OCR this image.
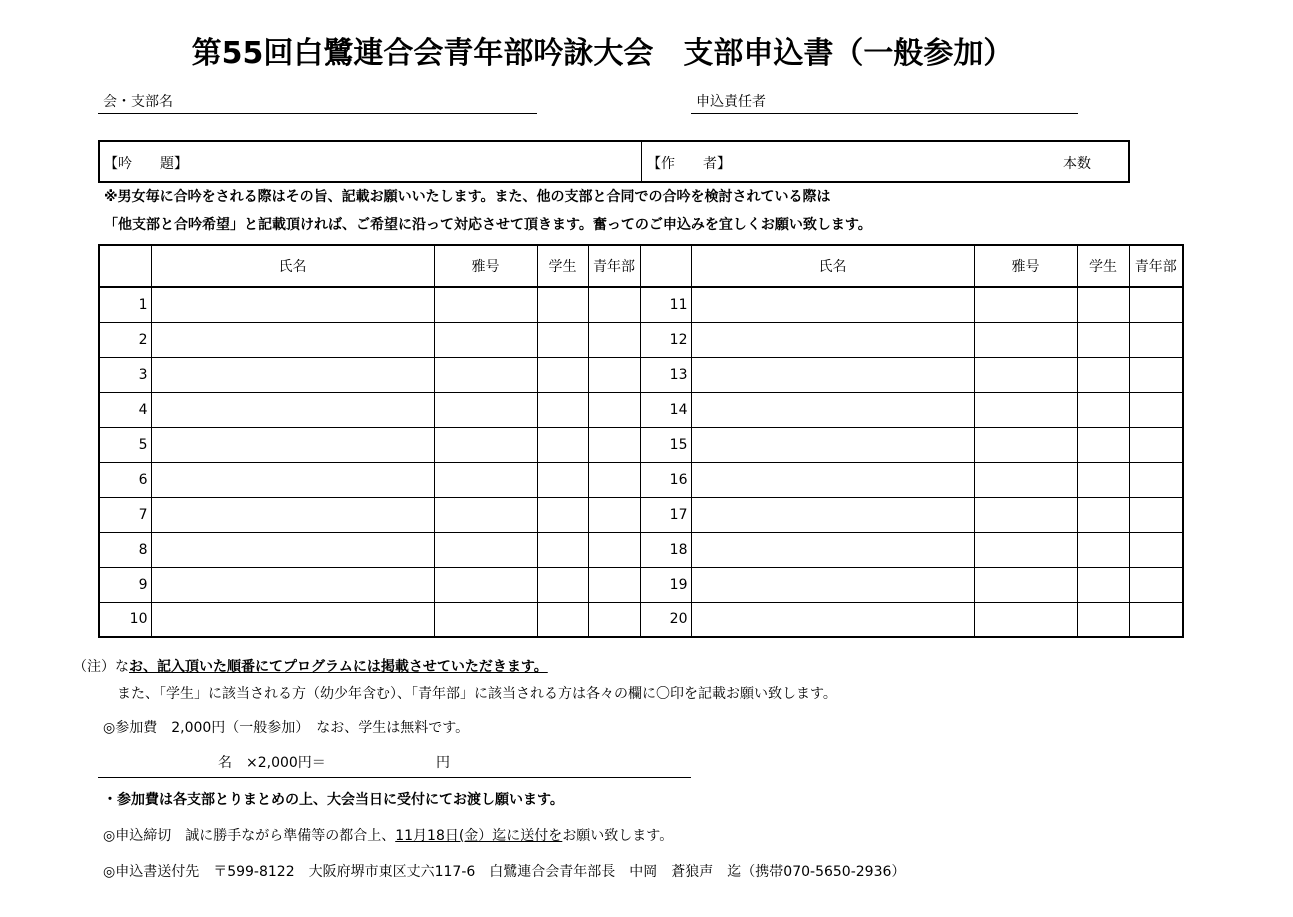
第55回白鷺連合会青年部吟詠大会　支部申込書（一般参加）
会・支部名	申込責任者
【吟　　題】	【作　　者】	本数
※男女毎に合吟をされる際はその旨、記載お願いいたします。また、他の支部と合同での合吟を検討されている際は
「他支部と合吟希望」と記載頂ければ、ご希望に沿って対応させて頂きます。奮ってのご申込みを宜しくお願い致します。
	氏名	雅号	学生	青年部		氏名	雅号	学生	青年部
1					11				
2					12				
3					13				
4					14				
5					15				
6					16				
7					17				
8					18				
9					19				
10					20				
（注）なお、記入頂いた順番にてプログラムには掲載させていただきます。
また、「学生」に該当される方（幼少年含む）、「青年部」に該当される方は各々の欄に〇印を記載お願い致します。
◎参加費　2,000円（一般参加）　なお、学生は無料です。
名　×2,000円＝	円
・参加費は各支部とりまとめの上、大会当日に受付にてお渡し願います。
◎申込締切　誠に勝手ながら準備等の都合上、11月18日(金）迄に送付をお願い致します。
◎申込書送付先　〒599-8122　大阪府堺市東区丈六117-6　白鷺連合会青年部長　中岡　蒼狼声　迄（携帯070-5650-2936）
